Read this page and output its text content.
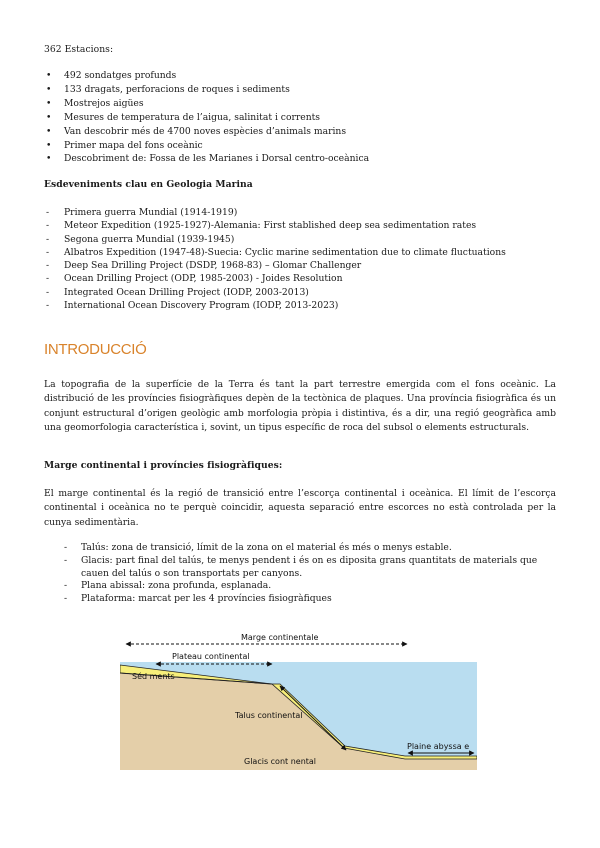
362 Estacions:
• 492 sondatges profunds
• 133 dragats, perforacions de roques i sediments
• Mostrejos aigües
• Mesures de temperatura de l’aigua, salinitat i corrents
• Van descobrir més de 4700 noves espècies d’animals marins
• Primer mapa del fons oceànic
• Descobriment de: Fossa de les Marianes i Dorsal centro-oceànica
Esdeveniments clau en Geologia Marina
- Primera guerra Mundial (1914-1919)
- Meteor Expedition (1925-1927)-Alemania: First stablished deep sea sedimentation rates
- Segona guerra Mundial (1939-1945)
- Albatros Expedition (1947-48)-Suecia: Cyclic marine sedimentation due to climate fluctuations
- Deep Sea Drilling Project (DSDP, 1968-83) – Glomar Challenger
- Ocean Drilling Project (ODP, 1985-2003) - Joides Resolution
- Integrated Ocean Drilling Project (IODP, 2003-2013)
- International Ocean Discovery Program (IODP, 2013-2023)
INTRODUCCIÓ
La topografia de la superfície de la Terra és tant la part terrestre emergida com el fons oceànic. La distribució de les províncies fisiogràfiques depèn de la tectònica de plaques. Una província fisiogràfica és un conjunt estructural d’origen geològic amb morfologia pròpia i distintiva, és a dir, una regió geogràfica amb una geomorfologia característica i, sovint, un tipus específic de roca del subsol o elements estructurals.
Marge continental i províncies fisiogràfiques:
El marge continental és la regió de transició entre l’escorça continental i oceànica. El límit de l’escorça continental i oceànica no te perquè coincidir, aquesta separació entre escorces no està controlada per la cunya sedimentària.
- Talús: zona de transició, límit de la zona on el material és més o menys estable.
- Glacis: part final del talús, te menys pendent i és on es diposita grans quantitats de materials que cauen del talús o son transportats per canyons.
- Plana abissal: zona profunda, esplanada.
- Plataforma: marcat per les 4 províncies fisiogràfiques
Marge continentale
Plateau continental
Séd ments
Talus continental
Plaine abyssa e
Glacis cont nental
